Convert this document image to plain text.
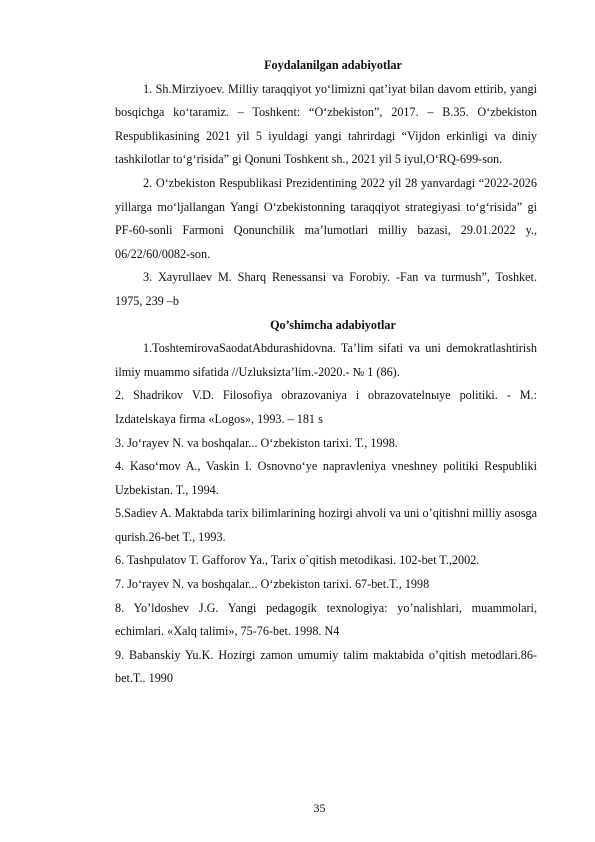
Foydalanilgan adabiyotlar

1. Sh.Mirziyoev. Milliy taraqqiyot yo‘limizni qat’iyat bilan davom ettirib, yangi bosqichga ko‘taramiz. – Toshkent: “O‘zbekiston”, 2017. – B.35. O‘zbekiston Respublikasining 2021 yil 5 iyuldagi yangi tahrirdagi “Vijdon erkinligi va diniy tashkilotlar to‘g‘risida” gi Qonuni Toshkent sh., 2021 yil 5 iyul,O‘RQ-699-son.

2. O‘zbekiston Respublikasi Prezidentining 2022 yil 28 yanvardagi “2022-2026 yillarga mo‘ljallangan Yangi O‘zbekistonning taraqqiyot strategiyasi to‘g‘risida” gi PF-60-sonli Farmoni Qonunchilik ma’lumotlari milliy bazasi, 29.01.2022 y., 06/22/60/0082-son.

3. Xayrullaev M. Sharq Renessansi va Forobiy. -Fan va turmush”, Toshket. 1975, 239 –b

Qo’shimcha adabiyotlar

1.ToshtemirovaSaodatAbdurashidovna. Ta’lim sifati va uni demokratlashtirish ilmiy muammo sifatida //Uzluksizta’lim.-2020.- № 1 (86).

2. Shadrikov V.D. Filosofiya obrazovaniya i obrazovatelnыye politiki. - M.: Izdatelskaya firma «Logos», 1993. – 181 s

3. Jo‘rayev N. va boshqalar... O‘zbekiston tarixi. T., 1998.

4. Kaso‘mov A., Vaskin I. Osnovno‘ye napravleniya vneshney politiki Respubliki Uzbekistan. T., 1994.

5.Sadiev A. Maktabda tarix bilimlarining hozirgi ahvoli va uni o’qitishni milliy asosga qurish.26-bet T., 1993.

6. Tashpulatov T. Gafforov Ya., Tarix o`qitish metodikasi. 102-bet T.,2002.

7. Jo‘rayev N. va boshqalar... O‘zbekiston tarixi. 67-bet.T., 1998

8. Yo’ldoshev J.G. Yangi pedagogik texnologiya: yo’nalishlari, muammolari, echimlari. «Xalq talimi», 75-76-bet. 1998. N4

9. Babanskiy Yu.K. Hozirgi zamon umumiy talim maktabida o’qitish metodlari.86-bet.T.. 1990

35
